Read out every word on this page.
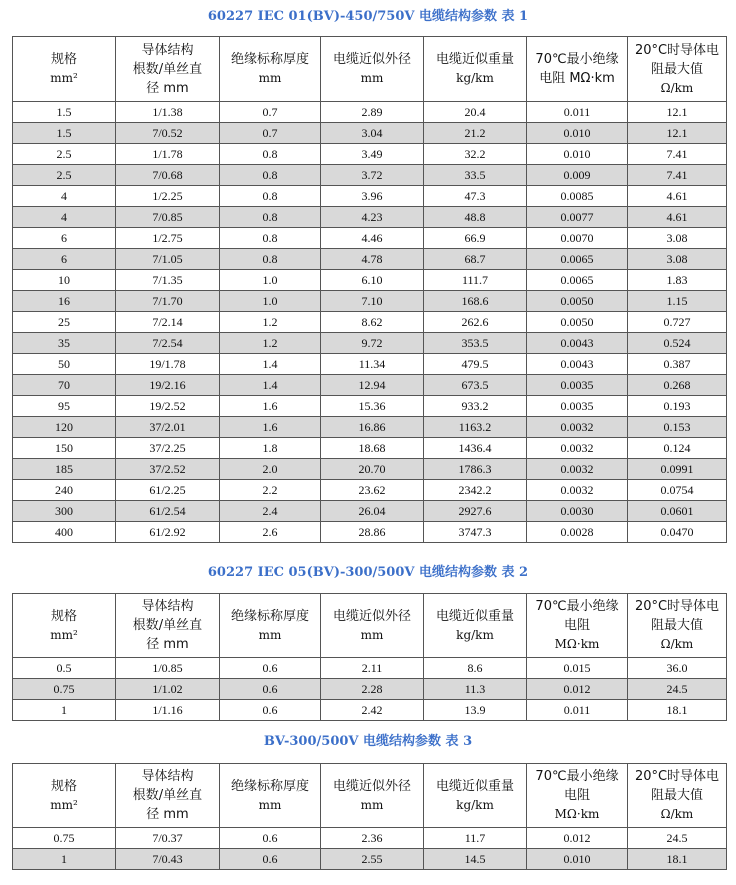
60227 IEC 01(BV)-450/750V 电缆结构参数 表 1
规格
mm²	导体结构
根数/单丝直
径 mm	绝缘标称厚度
mm	电缆近似外径
mm	电缆近似重量
kg/km	70℃最小绝缘
电阻 MΩ·km	20°C时导体电
阻最大值
Ω/km
1.5	1/1.38	0.7	2.89	20.4	0.011	12.1
1.5	7/0.52	0.7	3.04	21.2	0.010	12.1
2.5	1/1.78	0.8	3.49	32.2	0.010	7.41
2.5	7/0.68	0.8	3.72	33.5	0.009	7.41
4	1/2.25	0.8	3.96	47.3	0.0085	4.61
4	7/0.85	0.8	4.23	48.8	0.0077	4.61
6	1/2.75	0.8	4.46	66.9	0.0070	3.08
6	7/1.05	0.8	4.78	68.7	0.0065	3.08
10	7/1.35	1.0	6.10	111.7	0.0065	1.83
16	7/1.70	1.0	7.10	168.6	0.0050	1.15
25	7/2.14	1.2	8.62	262.6	0.0050	0.727
35	7/2.54	1.2	9.72	353.5	0.0043	0.524
50	19/1.78	1.4	11.34	479.5	0.0043	0.387
70	19/2.16	1.4	12.94	673.5	0.0035	0.268
95	19/2.52	1.6	15.36	933.2	0.0035	0.193
120	37/2.01	1.6	16.86	1163.2	0.0032	0.153
150	37/2.25	1.8	18.68	1436.4	0.0032	0.124
185	37/2.52	2.0	20.70	1786.3	0.0032	0.0991
240	61/2.25	2.2	23.62	2342.2	0.0032	0.0754
300	61/2.54	2.4	26.04	2927.6	0.0030	0.0601
400	61/2.92	2.6	28.86	3747.3	0.0028	0.0470
60227 IEC 05(BV)-300/500V 电缆结构参数 表 2
规格
mm²	导体结构
根数/单丝直
径 mm	绝缘标称厚度
mm	电缆近似外径
mm	电缆近似重量
kg/km	70℃最小绝缘
电阻
MΩ·km	20°C时导体电
阻最大值
Ω/km
0.5	1/0.85	0.6	2.11	8.6	0.015	36.0
0.75	1/1.02	0.6	2.28	11.3	0.012	24.5
1	1/1.16	0.6	2.42	13.9	0.011	18.1
BV-300/500V 电缆结构参数 表 3
规格
mm²	导体结构
根数/单丝直
径 mm	绝缘标称厚度
mm	电缆近似外径
mm	电缆近似重量
kg/km	70℃最小绝缘
电阻
MΩ·km	20°C时导体电
阻最大值
Ω/km
0.75	7/0.37	0.6	2.36	11.7	0.012	24.5
1	7/0.43	0.6	2.55	14.5	0.010	18.1
